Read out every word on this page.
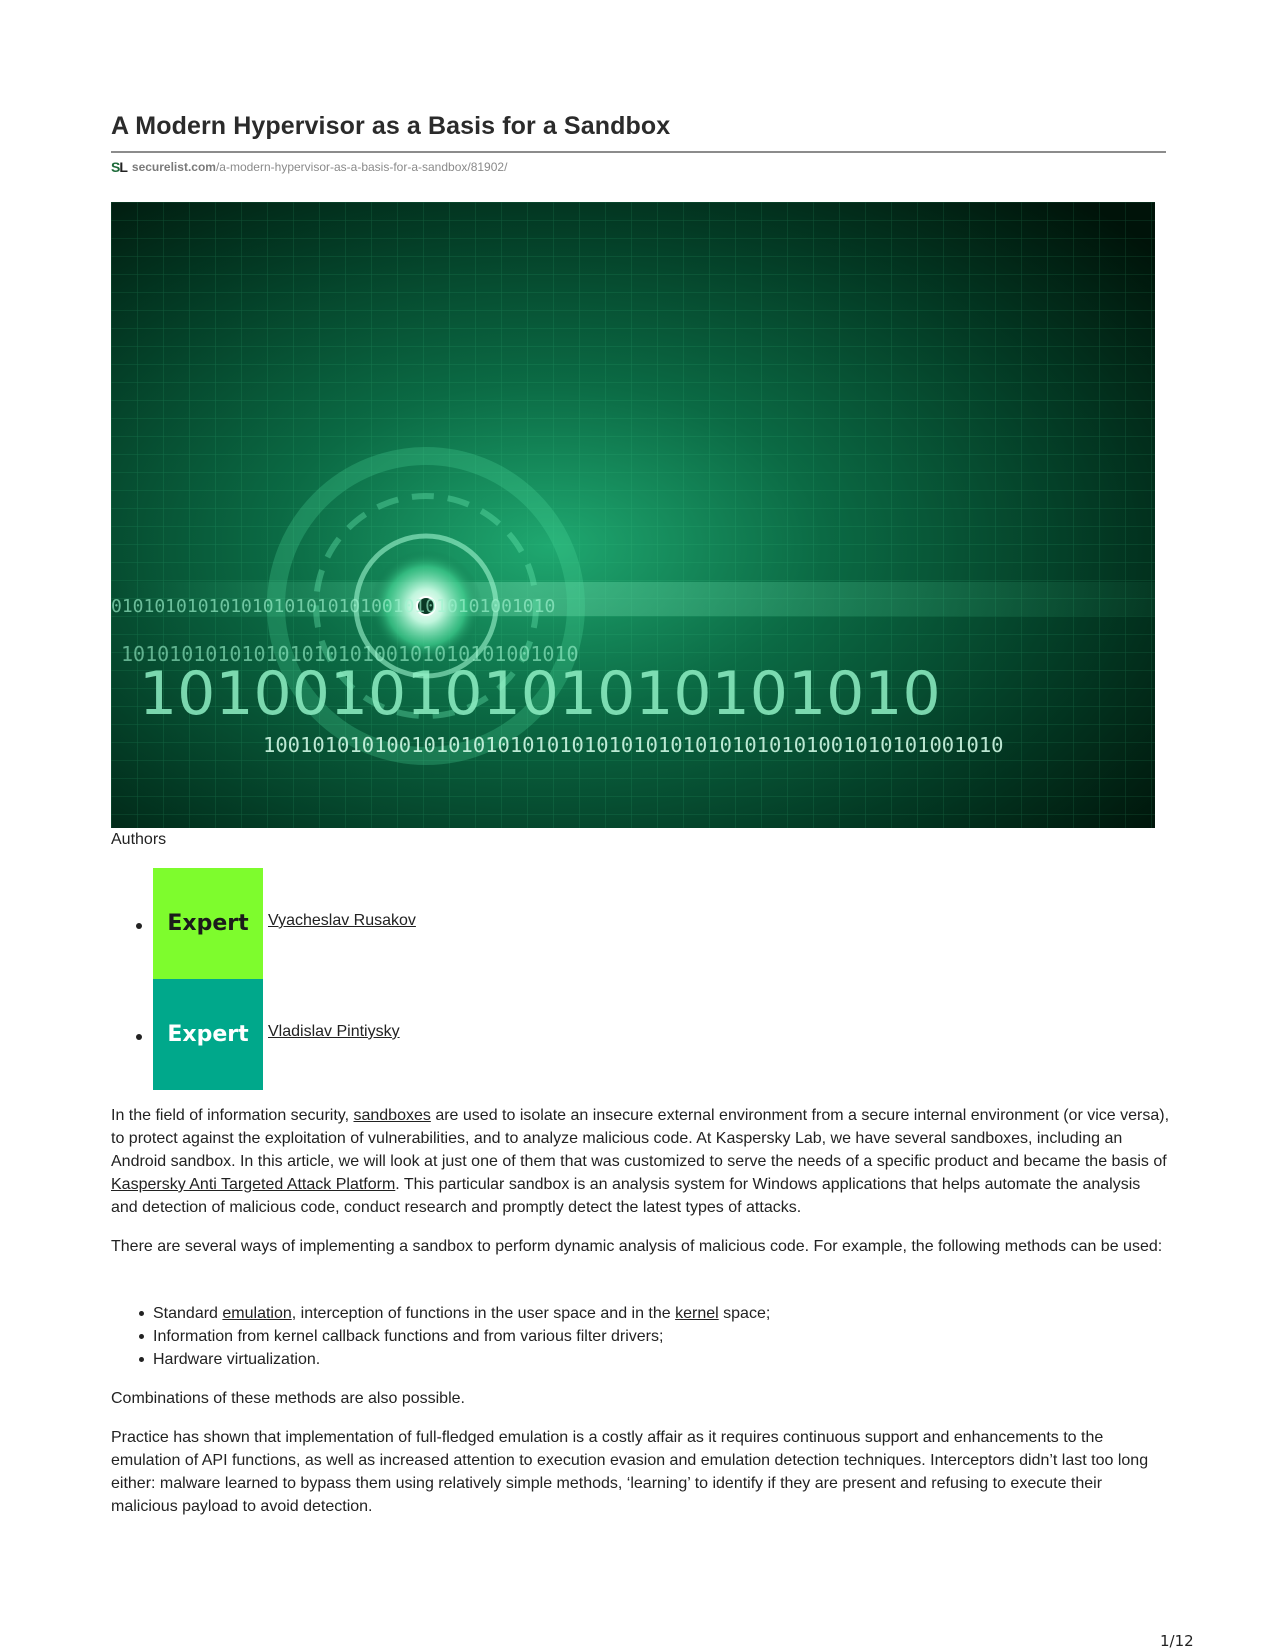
A Modern Hypervisor as a Basis for a Sandbox
SL securelist.com/a-modern-hypervisor-as-a-basis-for-a-sandbox/81902/
01010101010101010101010100101010101001010
10101010101010101010100101010101001010
101001010101010101010
100101010100101010101010101010101010101010101001010101001010
Authors
Expert	Vyacheslav Rusakov
Expert	Vladislav Pintiysky

In the field of information security, sandboxes are used to isolate an insecure external environment from a secure internal environment (or vice versa), to protect against the exploitation of vulnerabilities, and to analyze malicious code. At Kaspersky Lab, we have several sandboxes, including an Android sandbox. In this article, we will look at just one of them that was customized to serve the needs of a specific product and became the basis of Kaspersky Anti Targeted Attack Platform. This particular sandbox is an analysis system for Windows applications that helps automate the analysis and detection of malicious code, conduct research and promptly detect the latest types of attacks.

There are several ways of implementing a sandbox to perform dynamic analysis of malicious code. For example, the following methods can be used:

Standard emulation, interception of functions in the user space and in the kernel space;
Information from kernel callback functions and from various filter drivers;
Hardware virtualization.

Combinations of these methods are also possible.

Practice has shown that implementation of full-fledged emulation is a costly affair as it requires continuous support and enhancements to the emulation of API functions, as well as increased attention to execution evasion and emulation detection techniques. Interceptors didn’t last too long either: malware learned to bypass them using relatively simple methods, ‘learning’ to identify if they are present and refusing to execute their malicious payload to avoid detection.

1/12
